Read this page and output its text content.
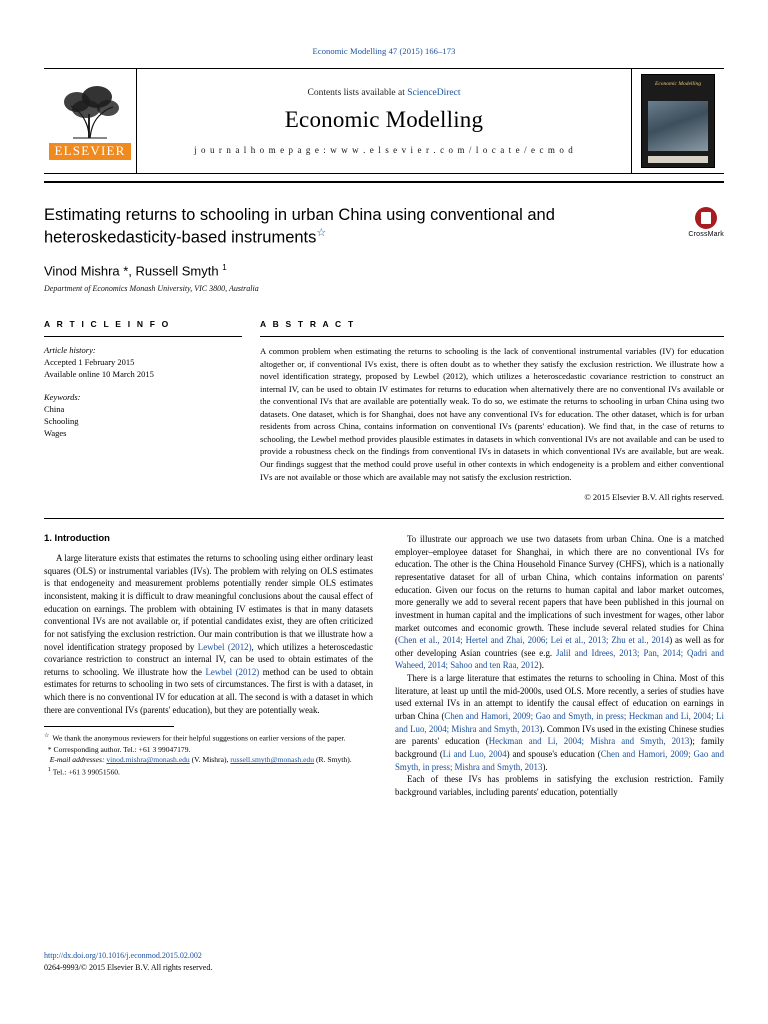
Economic Modelling 47 (2015) 166–173
ELSEVIER
Contents lists available at ScienceDirect
Economic Modelling
j o u r n a l h o m e p a g e : w w w . e l s e v i e r . c o m / l o c a t e / e c m o d
Economic Modelling
Estimating returns to schooling in urban China using conventional and heteroskedasticity-based instruments☆
Vinod Mishra *, Russell Smyth $^1$
Department of Economics Monash University, VIC 3800, Australia
CrossMark
A R T I C L E I N F O
Article history:
Accepted 1 February 2015
Available online 10 March 2015
Keywords:
China
Schooling
Wages
A B S T R A C T
A common problem when estimating the returns to schooling is the lack of conventional instrumental variables (IV) for education altogether or, if conventional IVs exist, there is often doubt as to whether they satisfy the exclusion restriction. We illustrate how a novel identification strategy, proposed by Lewbel (2012), which utilizes a heteroscedastic covariance restriction to construct an internal IV, can be used to obtain IV estimates for returns to education when alternatively there are no conventional IVs available or the conventional IVs that are available are potentially weak. To do so, we estimate the returns to schooling in urban China using two datasets. One dataset, which is for Shanghai, does not have any conventional IVs for education. The other dataset, which is for urban residents from across China, contains information on conventional IVs (parents' education). We find that, in the case of returns to schooling, the Lewbel method provides plausible estimates in datasets in which conventional IVs are not available and can be used to provide a robustness check on the findings from conventional IVs in datasets in which conventional IVs are available, but are weak. Our findings suggest that the method could prove useful in other contexts in which endogeneity is a problem and either conventional IVs are not available or those which are available may not satisfy the exclusion restriction.
© 2015 Elsevier B.V. All rights reserved.
1. Introduction

A large literature exists that estimates the returns to schooling using either ordinary least squares (OLS) or instrumental variables (IVs). The problem with relying on OLS estimates is that endogeneity and measurement problems potentially render simple OLS estimates inconsistent, making it is difficult to draw meaningful conclusions about the causal effect of education on earnings. The problem with obtaining IV estimates is that in many datasets conventional IVs are not available or, if potential candidates exist, they are often criticized for not satisfying the exclusion restriction. Our main contribution is that we illustrate how a novel identification strategy proposed by Lewbel (2012), which utilizes a heteroscedastic covariance restriction to construct an internal IV, can be used to obtain estimates of the returns to schooling. We illustrate how the Lewbel (2012) method can be used to obtain estimates for returns to schooling in two sets of circumstances. The first is with a dataset, in which there is no conventional IV for education at all. The second is with a dataset in which there are conventional IVs (parents' education), but they are potentially weak.

☆  We thank the anonymous reviewers for their helpful suggestions on earlier versions of the paper.

* Corresponding author. Tel.: +61 3 99047179.

E-mail addresses: vinod.mishra@monash.edu (V. Mishra), russell.smyth@monash.edu (R. Smyth).

$^1$ Tel.: +61 3 99051560.

To illustrate our approach we use two datasets from urban China. One is a matched employer–employee dataset for Shanghai, in which there are no conventional IVs for education. The other is the China Household Finance Survey (CHFS), which is a nationally representative dataset for all of urban China, which contains information on parents' education. Given our focus on the returns to human capital and labor market outcomes, more generally we add to several recent papers that have been published in this journal on investment in human capital and the implications of such investment for wages, other labor market outcomes and economic growth. These include several related studies for China (Chen et al., 2014; Hertel and Zhai, 2006; Lei et al., 2013; Zhu et al., 2014) as well as for other developing Asian countries (see e.g. Jalil and Idrees, 2013; Pan, 2014; Qadri and Waheed, 2014; Sahoo and ten Raa, 2012).

There is a large literature that estimates the returns to schooling in China. Most of this literature, at least up until the mid-2000s, used OLS. More recently, a series of studies have used external IVs in an attempt to identify the causal effect of education on earnings in urban China (Chen and Hamori, 2009; Gao and Smyth, in press; Heckman and Li, 2004; Li and Luo, 2004; Mishra and Smyth, 2013). Common IVs used in the existing Chinese studies are parents' education (Heckman and Li, 2004; Mishra and Smyth, 2013); family background (Li and Luo, 2004) and spouse's education (Chen and Hamori, 2009; Gao and Smyth, in press; Mishra and Smyth, 2013).

Each of these IVs has problems in satisfying the exclusion restriction. Family background variables, including parents' education, potentially

http://dx.doi.org/10.1016/j.econmod.2015.02.002
0264-9993/© 2015 Elsevier B.V. All rights reserved.
